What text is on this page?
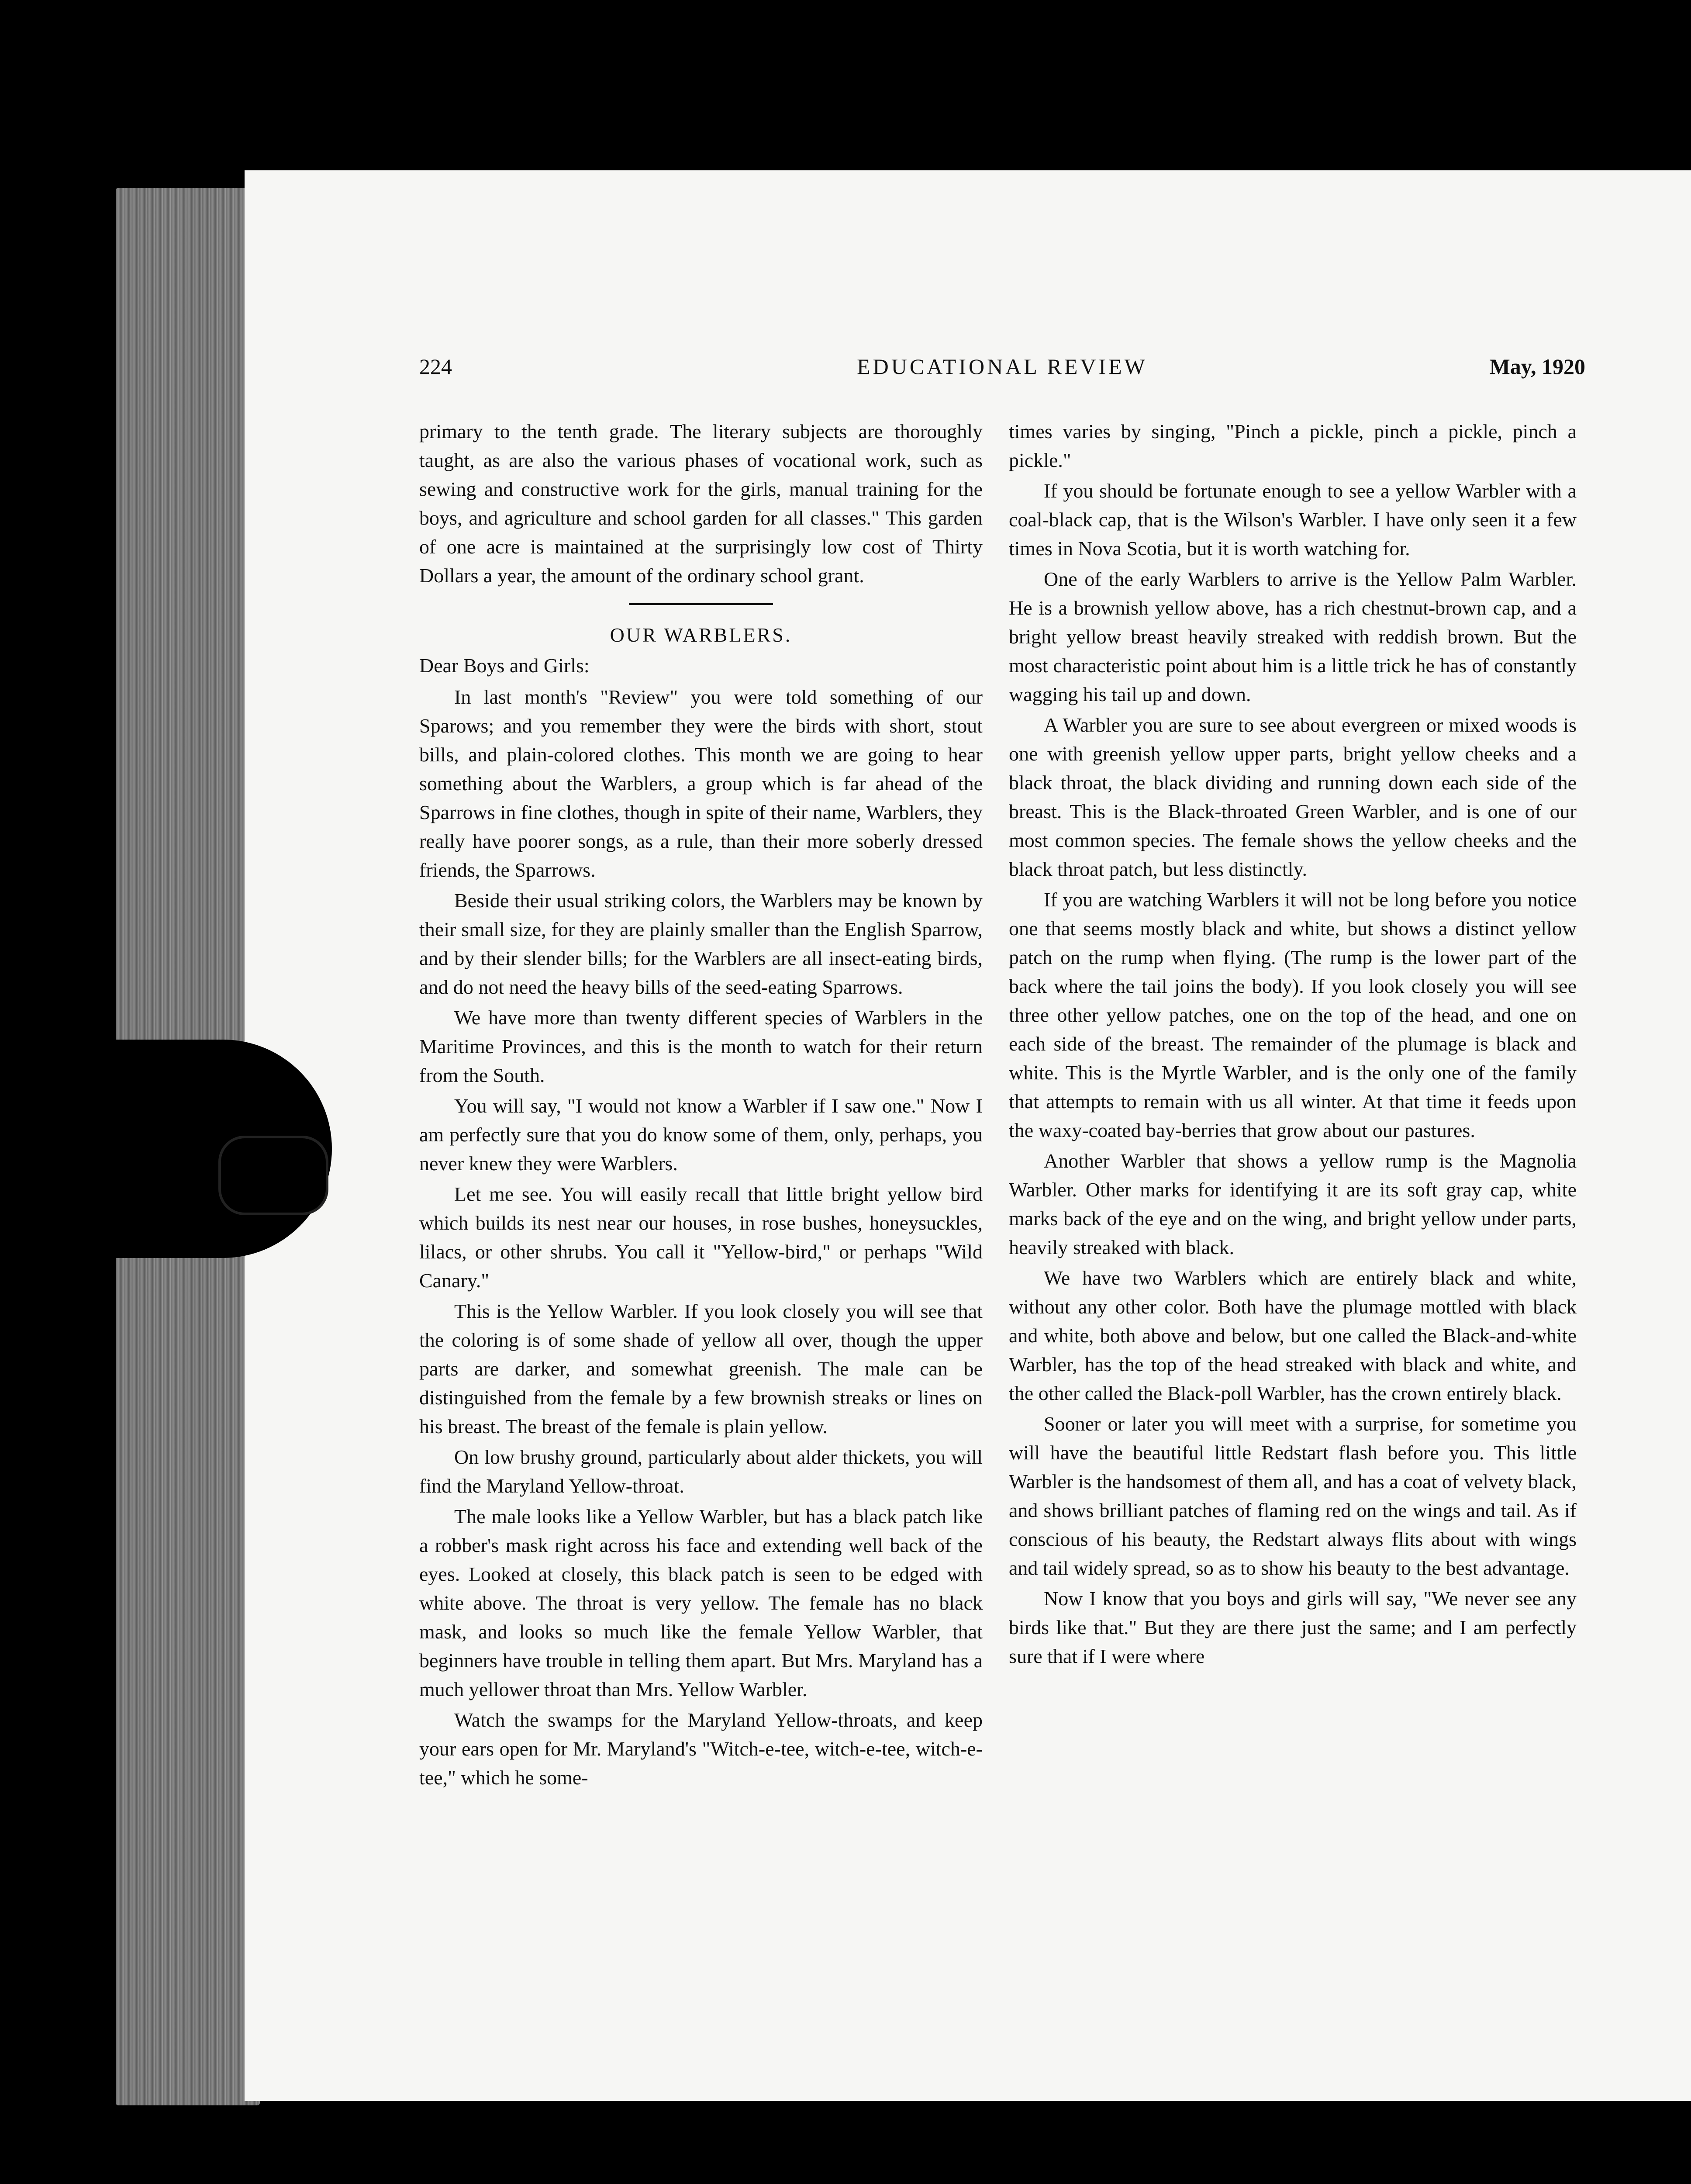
224	EDUCATIONAL REVIEW	May, 1920

primary to the tenth grade. The literary subjects are thoroughly taught, as are also the various phases of vocational work, such as sewing and constructive work for the girls, manual training for the boys, and agriculture and school garden for all classes." This garden of one acre is maintained at the surprisingly low cost of Thirty Dollars a year, the amount of the ordinary school grant.

OUR WARBLERS.
Dear Boys and Girls:

In last month's "Review" you were told something of our Sparows; and you remember they were the birds with short, stout bills, and plain-colored clothes. This month we are going to hear something about the Warblers, a group which is far ahead of the Sparrows in fine clothes, though in spite of their name, Warblers, they really have poorer songs, as a rule, than their more soberly dressed friends, the Sparrows.

Beside their usual striking colors, the Warblers may be known by their small size, for they are plainly smaller than the English Sparrow, and by their slender bills; for the Warblers are all insect-eating birds, and do not need the heavy bills of the seed-eating Sparrows.

We have more than twenty different species of Warblers in the Maritime Provinces, and this is the month to watch for their return from the South.

You will say, "I would not know a Warbler if I saw one." Now I am perfectly sure that you do know some of them, only, perhaps, you never knew they were Warblers.

Let me see. You will easily recall that little bright yellow bird which builds its nest near our houses, in rose bushes, honeysuckles, lilacs, or other shrubs. You call it "Yellow-bird," or perhaps "Wild Canary."

This is the Yellow Warbler. If you look closely you will see that the coloring is of some shade of yellow all over, though the upper parts are darker, and somewhat greenish. The male can be distinguished from the female by a few brownish streaks or lines on his breast. The breast of the female is plain yellow.

On low brushy ground, particularly about alder thickets, you will find the Maryland Yellow-throat.

The male looks like a Yellow Warbler, but has a black patch like a robber's mask right across his face and extending well back of the eyes. Looked at closely, this black patch is seen to be edged with white above. The throat is very yellow. The female has no black mask, and looks so much like the female Yellow Warbler, that beginners have trouble in telling them apart. But Mrs. Maryland has a much yellower throat than Mrs. Yellow Warbler.

Watch the swamps for the Maryland Yellow-throats, and keep your ears open for Mr. Maryland's "Witch-e-tee, witch-e-tee, witch-e-tee," which he some-

times varies by singing, "Pinch a pickle, pinch a pickle, pinch a pickle."

If you should be fortunate enough to see a yellow Warbler with a coal-black cap, that is the Wilson's Warbler. I have only seen it a few times in Nova Scotia, but it is worth watching for.

One of the early Warblers to arrive is the Yellow Palm Warbler. He is a brownish yellow above, has a rich chestnut-brown cap, and a bright yellow breast heavily streaked with reddish brown. But the most characteristic point about him is a little trick he has of constantly wagging his tail up and down.

A Warbler you are sure to see about evergreen or mixed woods is one with greenish yellow upper parts, bright yellow cheeks and a black throat, the black dividing and running down each side of the breast. This is the Black-throated Green Warbler, and is one of our most common species. The female shows the yellow cheeks and the black throat patch, but less distinctly.

If you are watching Warblers it will not be long before you notice one that seems mostly black and white, but shows a distinct yellow patch on the rump when flying. (The rump is the lower part of the back where the tail joins the body). If you look closely you will see three other yellow patches, one on the top of the head, and one on each side of the breast. The remainder of the plumage is black and white. This is the Myrtle Warbler, and is the only one of the family that attempts to remain with us all winter. At that time it feeds upon the waxy-coated bay-berries that grow about our pastures.

Another Warbler that shows a yellow rump is the Magnolia Warbler. Other marks for identifying it are its soft gray cap, white marks back of the eye and on the wing, and bright yellow under parts, heavily streaked with black.

We have two Warblers which are entirely black and white, without any other color. Both have the plumage mottled with black and white, both above and below, but one called the Black-and-white Warbler, has the top of the head streaked with black and white, and the other called the Black-poll Warbler, has the crown entirely black.

Sooner or later you will meet with a surprise, for sometime you will have the beautiful little Redstart flash before you. This little Warbler is the handsomest of them all, and has a coat of velvety black, and shows brilliant patches of flaming red on the wings and tail. As if conscious of his beauty, the Redstart always flits about with wings and tail widely spread, so as to show his beauty to the best advantage.

Now I know that you boys and girls will say, "We never see any birds like that." But they are there just the same; and I am perfectly sure that if I were where
